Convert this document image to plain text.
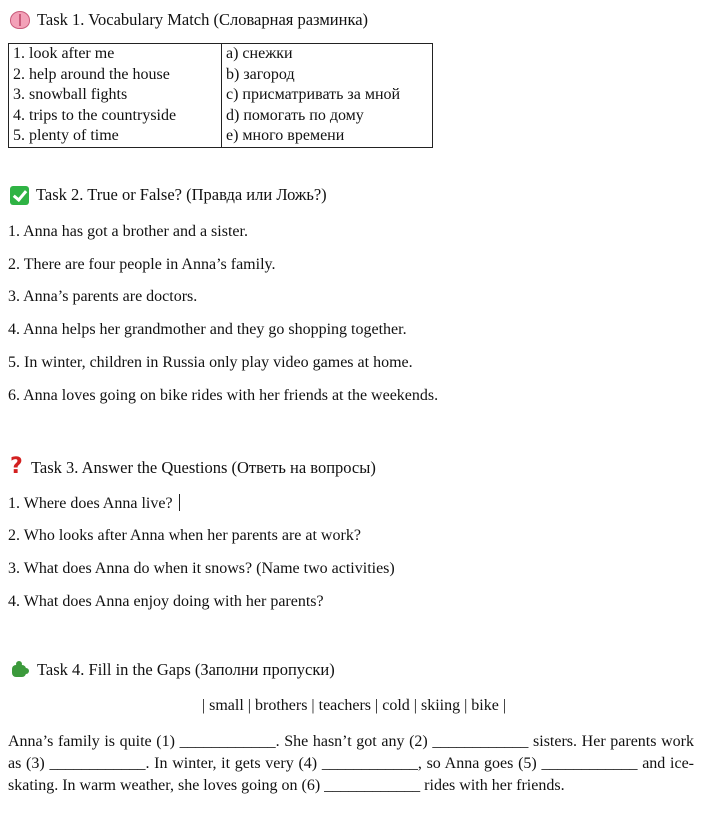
Task 1. Vocabulary Match (Словарная разминка)
1. look after me	a) снежки
2. help around the house	b) загород
3. snowball fights	c) присматривать за мной
4. trips to the countryside	d) помогать по дому
5. plenty of time	e) много времени
Task 2. True or False? (Правда или Ложь?)
1. Anna has got a brother and a sister.
2. There are four people in Anna’s family.
3. Anna’s parents are doctors.
4. Anna helps her grandmother and they go shopping together.
5. In winter, children in Russia only play video games at home.
6. Anna loves going on bike rides with her friends at the weekends.
? Task 3. Answer the Questions (Ответь на вопросы)
1. Where does Anna live?
2. Who looks after Anna when her parents are at work?
3. What does Anna do when it snows? (Name two activities)
4. What does Anna enjoy doing with her parents?
Task 4. Fill in the Gaps (Заполни пропуски)
| small | brothers | teachers | cold | skiing | bike |
Anna’s family is quite (1) ____________. She hasn’t got any (2) ____________ sisters. Her parents work as (3) ____________. In winter, it gets very (4) ____________, so Anna goes (5) ____________ and ice-skating. In warm weather, she loves going on (6) ____________ rides with her friends.
